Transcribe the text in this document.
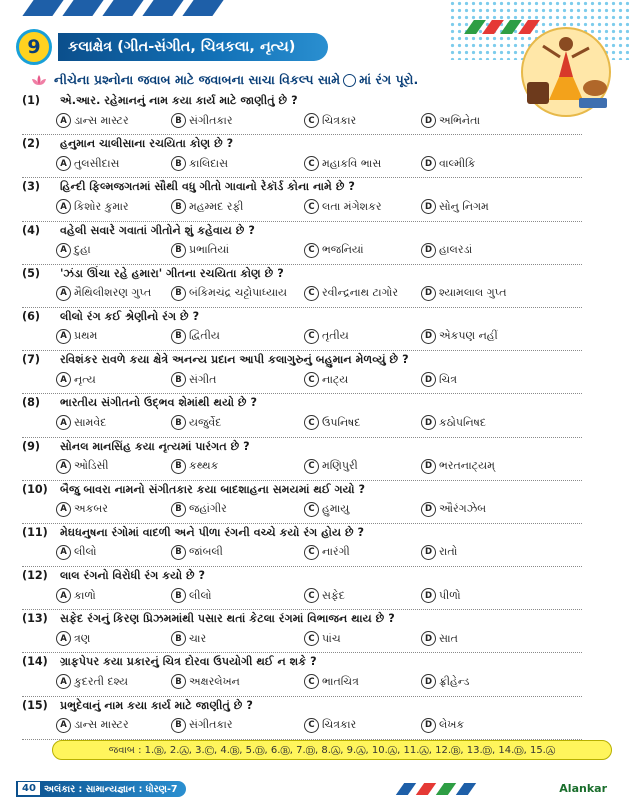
9	કલાક્ષેત્ર (ગીત-સંગીત, ચિત્રકલા, નૃત્ય)
નીચેના પ્રશ્નોના જવાબ માટે જવાબના સાચા વિકલ્પ સામે માં રંગ પૂરો.
(1) એ.આર. રહેમાનનું નામ કયા કાર્ય માટે જાણીતું છે ?
A ડાન્સ માસ્ટર	B સંગીતકાર	C ચિત્રકાર	D અભિનેતા
(2) હનુમાન ચાલીસાના રચયિતા કોણ છે ?
A તુલસીદાસ	B કાલિદાસ	C મહાકવિ ભાસ	D વાલ્મીકિ
(3) હિન્દી ફિલ્મજગતમાં સૌથી વધુ ગીતો ગાવાનો રેકૉર્ડ કોના નામે છે ?
A કિશોર કુમાર	B મહમ્મદ રફી	C લતા મંગેશકર	D સોનુ નિગમ
(4) વહેલી સવારે ગવાતાં ગીતોને શું કહેવાય છે ?
A દુહા	B પ્રભાતિયાં	C ભજનિયાં	D હાલરડાં
(5) 'ઝંડા ઊંચા રહે હમારા' ગીતના રચયિતા કોણ છે ?
A મૈથિલીશરણ ગુપ્ત	B બંકિમચંદ્ર ચટ્ટોપાધ્યાય	C રવીન્દ્રનાથ ટાગોર	D શ્યામલાલ ગુપ્ત
(6) લીલો રંગ કઈ શ્રેણીનો રંગ છે ?
A પ્રથમ	B દ્વિતીય	C તૃતીય	D એકપણ નહીં
(7) રવિશંકર રાવળે કયા ક્ષેત્રે અનન્ય પ્રદાન આપી કલાગુરુનું બહુમાન મેળવ્યું છે ?
A નૃત્ય	B સંગીત	C નાટ્ય	D ચિત્ર
(8) ભારતીય સંગીતનો ઉદ્ભવ શેમાંથી થયો છે ?
A સામવેદ	B યજુર્વેદ	C ઉપનિષદ	D કઠોપનિષદ
(9) સોનલ માનસિંહ કયા નૃત્યમાં પારંગત છે ?
A ઓડિસી	B કથ્થક	C મણિપુરી	D ભરતનાટ્યમ્
(10) બૈજુ બાવરા નામનો સંગીતકાર કયા બાદશાહના સમયમાં થઈ ગયો ?
A અકબર	B જહાંગીર	C હુમાયુ	D ઔરંગઝેબ
(11) મેઘધનુષના રંગોમાં વાદળી અને પીળા રંગની વચ્ચે કયો રંગ હોય છે ?
A લીલો	B જાંબલી	C નારંગી	D રાતો
(12) લાલ રંગનો વિરોધી રંગ કયો છે ?
A કાળો	B લીલો	C સફેદ	D પીળો
(13) સફેદ રંગનું કિરણ પ્રિઝમમાંથી પસાર થતાં કેટલા રંગમાં વિભાજન થાય છે ?
A ત્રણ	B ચાર	C પાંચ	D સાત
(14) ગ્રાફપેપર કયા પ્રકારનું ચિત્ર દોરવા ઉપયોગી થઈ ન શકે ?
A કુદરતી દશ્ય	B અક્ષરલેખન	C ભાતચિત્ર	D ફ્રીહેન્ડ
(15) પ્રભુદેવાનું નામ કયા કાર્ય માટે જાણીતું છે ?
A ડાન્સ માસ્ટર	B સંગીતકાર	C ચિત્રકાર	D લેખક
જવાબ : 1.Ⓑ, 2.Ⓐ, 3.Ⓒ, 4.Ⓑ, 5.Ⓓ, 6.Ⓑ, 7.Ⓓ, 8.Ⓐ, 9.Ⓐ, 10.Ⓐ, 11.Ⓐ, 12.Ⓑ, 13.Ⓓ, 14.Ⓓ, 15.Ⓐ
40 અલંકાર : સામાન્યજ્ઞાન : ધોરણ-7	Alankar
